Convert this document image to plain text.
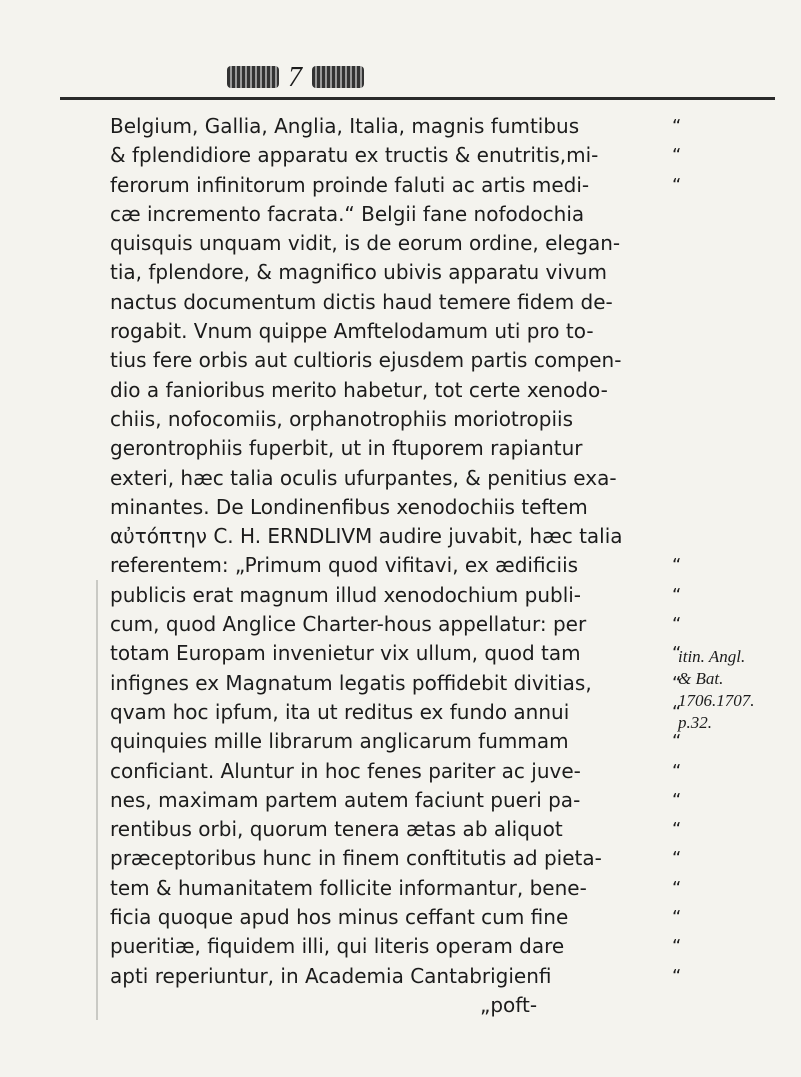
7
Belgium, Gallia, Anglia, Italia, magnis fumtibus	“
& fplendidiore apparatu ex tructis & enutritis,mi-	“
ferorum infinitorum proinde faluti ac artis medi-	“
cæ incremento facrata.“ Belgii fane nofodochia
quisquis unquam vidit, is de eorum ordine, elegan-
tia, fplendore, & magnifico ubivis apparatu vivum
nactus documentum dictis haud temere fidem de-
rogabit. Vnum quippe Amftelodamum uti pro to-
tius fere orbis aut cultioris ejusdem partis compen-
dio a fanioribus merito habetur, tot certe xenodo-
chiis, nofocomiis, orphanotrophiis moriotropiis
gerontrophiis fuperbit, ut in ftuporem rapiantur
exteri, hæc talia oculis ufurpantes, & penitius exa-
minantes. De Londinenfibus xenodochiis teftem
αὐτόπτην C. H. ERNDLIVM audire juvabit, hæc talia
referentem: „Primum quod vifitavi, ex ædificiis	“
publicis erat magnum illud xenodochium publi-	“
cum, quod Anglice Charter-hous appellatur: per	“
totam Europam invenietur vix ullum, quod tam	“
infignes ex Magnatum legatis poffidebit divitias,	“
qvam hoc ipfum, ita ut reditus ex fundo annui	“
quinquies mille librarum anglicarum fummam	“
conficiant. Aluntur in hoc fenes pariter ac juve-	“
nes, maximam partem autem faciunt pueri pa-	“
rentibus orbi, quorum tenera ætas ab aliquot	“
præceptoribus hunc in finem conftitutis ad pieta-	“
tem & humanitatem follicite informantur, bene-	“
ficia quoque apud hos minus ceffant cum fine	“
pueritiæ, fiquidem illi, qui literis operam dare	“
apti reperiuntur, in Academia Cantabrigienfi	“
„poft-
itin. Angl.
& Bat.
1706.1707.
p.32.
